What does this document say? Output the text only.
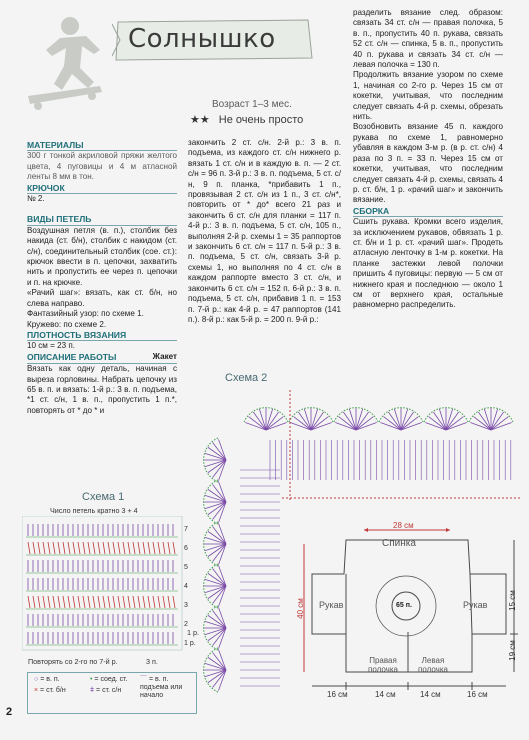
Солнышко
Возраст 1–3 мес.
★★ Не очень просто
МАТЕРИАЛЫ

300 г тонкой акриловой пряжи желтого цвета, 4 пуговицы и 4 м атласной ленты 8 мм в тон.

КРЮЧОК

№ 2.

ВИДЫ ПЕТЕЛЬ

Воздушная петля (в. п.), столбик без накида (ст. б/н), столбик с накидом (ст. с/н), соединительный столбик (сое. ст.): крючок ввести в п. цепочки, захватить нить и пропустить ее через п. цепочки и п. на крючке.

«Рачий шаг»: вязать, как ст. б/н, но слева направо.

Фантазийный узор: по схеме 1.

Кружево: по схеме 2.

ПЛОТНОСТЬ ВЯЗАНИЯ

10 см = 23 п.

ОПИСАНИЕ РАБОТЫ	Жакет

Вязать как одну деталь, начиная с выреза горловины. Набрать цепочку из 65 в. п. и вязать: 1-й р.: 3 в. п. подъема, *1 ст. с/н, 1 в. п., пропустить 1 п.*, повторять от * до * и

закончить 2 ст. с/н. 2-й р.: 3 в. п. подъема, из каждого ст. с/н нижнего р. вязать 1 ст. с/н и в каждую в. п. — 2 ст. с/н = 96 п. 3-й р.: 3 в. п. подъема, 5 ст. с/н, 9 п. планка, *прибавить 1 п., провязывая 2 ст. с/н из 1 п., 3 ст. с/н*, повторить от * до* всего 21 раз и закончить 6 ст. с/н для планки = 117 п. 4-й р.: 3 в. п. подъема, 5 ст. с/н, 105 п., выполняя 2-й р. схемы 1 = 35 раппортов и закончить 6 ст. с/н = 117 п. 5-й р.: 3 в. п. подъема, 5 ст. с/н, связать 3-й р. схемы 1, но выполняя по 4 ст. с/н в каждом раппорте вместо 3 ст. с/н, и закончить 6 ст. с/н = 152 п. 6-й р.: 3 в. п. подъема, 5 ст. с/н, прибавив 1 п. = 153 п. 7-й р.: как 4-й р. = 47 раппортов (141 п.). 8-й р.: как 5-й р. = 200 п. 9-й р.:

разделить вязание след. образом: связать 34 ст. с/н — правая полочка, 5 в. п., пропустить 40 п. рукава, связать 52 ст. с/н — спинка, 5 в. п., пропустить 40 п. рукава и связать 34 ст. с/н — левая полочка = 130 п.

Продолжить вязание узором по схеме 1, начиная со 2-го р. Через 15 см от кокетки, учитывая, что последним следует связать 4-й р. схемы, обрезать нить.

Возобновить вязание 45 п. каждого рукава по схеме 1, равномерно убавляя в каждом 3-м р. (в р. ст. с/н) 4 раза по 3 п. = 33 п. Через 15 см от кокетки, учитывая, что последним следует связать 4-й р. схемы, связать 4 р. ст. б/н, 1 р. «рачий шаг» и закончить вязание.

СБОРКА

Сшить рукава. Кромки всего изделия, за исключением рукавов, обвязать 1 р. ст. б/н и 1 р. ст. «рачий шаг». Продеть атласную ленточку в 1-м р. кокетки. На планке застежки левой полочки пришить 4 пуговицы: первую — 5 см от нижнего края и последнюю — около 1 см от верхнего края, остальные равномерно распределить.

Схема 1
Число петель кратно 3 + 4
7
6
5
4
3
2
1 р.
Повторять со 2-го по 7-й р.	3 п.
○ = в. п.
× = ст. б/н
• = соед. ст.
ǂ = ст. с/н
⌒ = в. п. подъема или начало
2
Схема 2
1 р.
28 см
Спинка
Рукав	Рукав
65 п.
Правая полочка
Левая полочка
40 см	15 см
19 см
16 см	14 см	14 см	16 см
